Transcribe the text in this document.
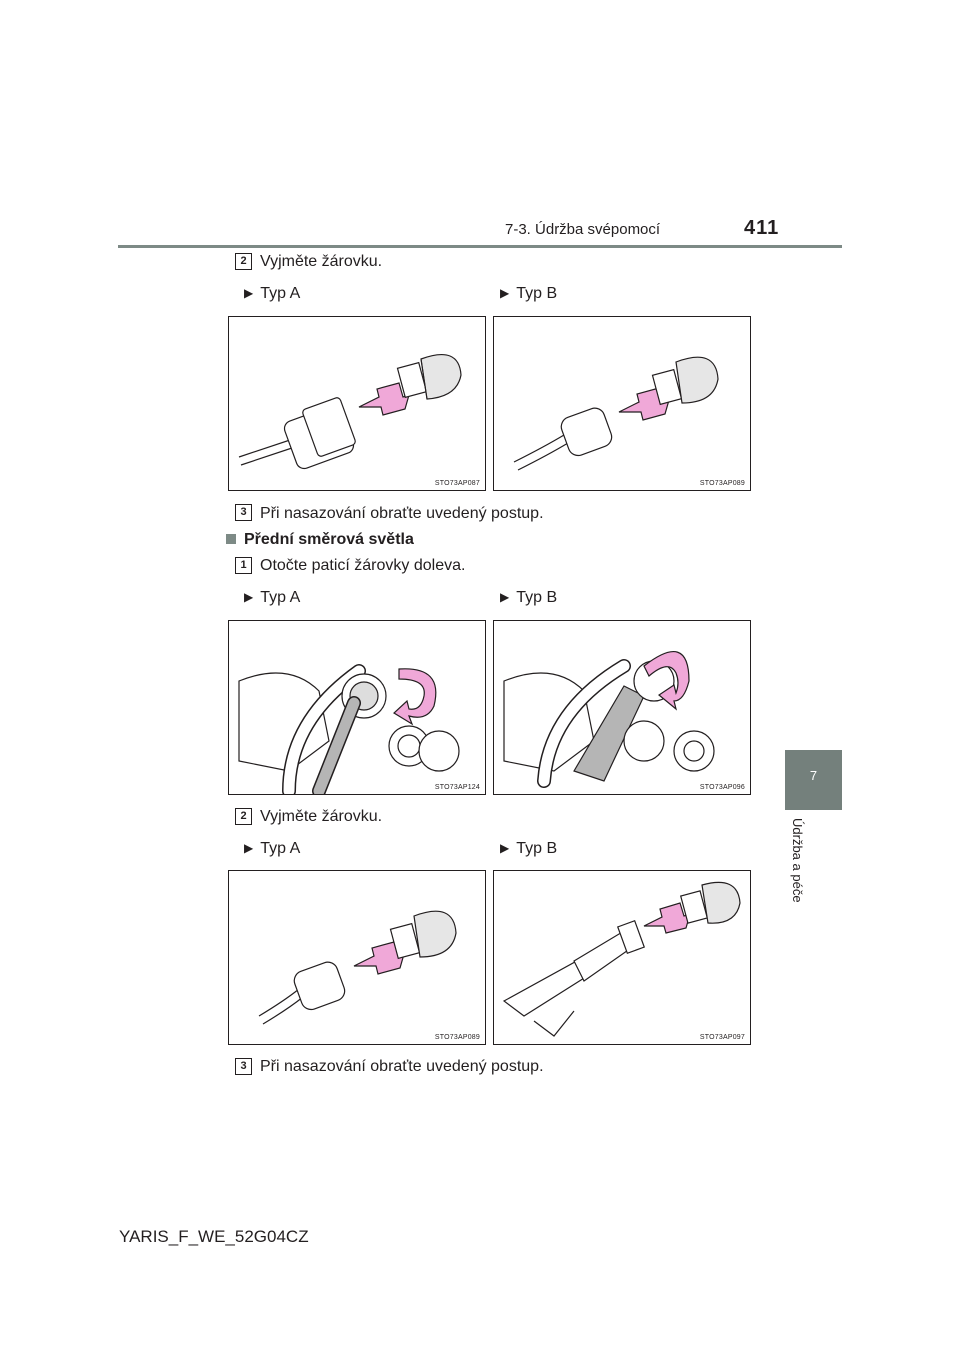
7-3. Údržba svépomocí	411
7
Údržba a péče
2 Vyjměte žárovku.
▶ Typ A	▶ Typ B
STO73AP087	STO73AP089
3 Při nasazování obraťte uvedený postup.
Přední směrová světla
1 Otočte paticí žárovky doleva.
▶ Typ A	▶ Typ B
STO73AP124	STO73AP096
2 Vyjměte žárovku.
▶ Typ A	▶ Typ B
STO73AP089	STO73AP097
3 Při nasazování obraťte uvedený postup.
YARIS_F_WE_52G04CZ
